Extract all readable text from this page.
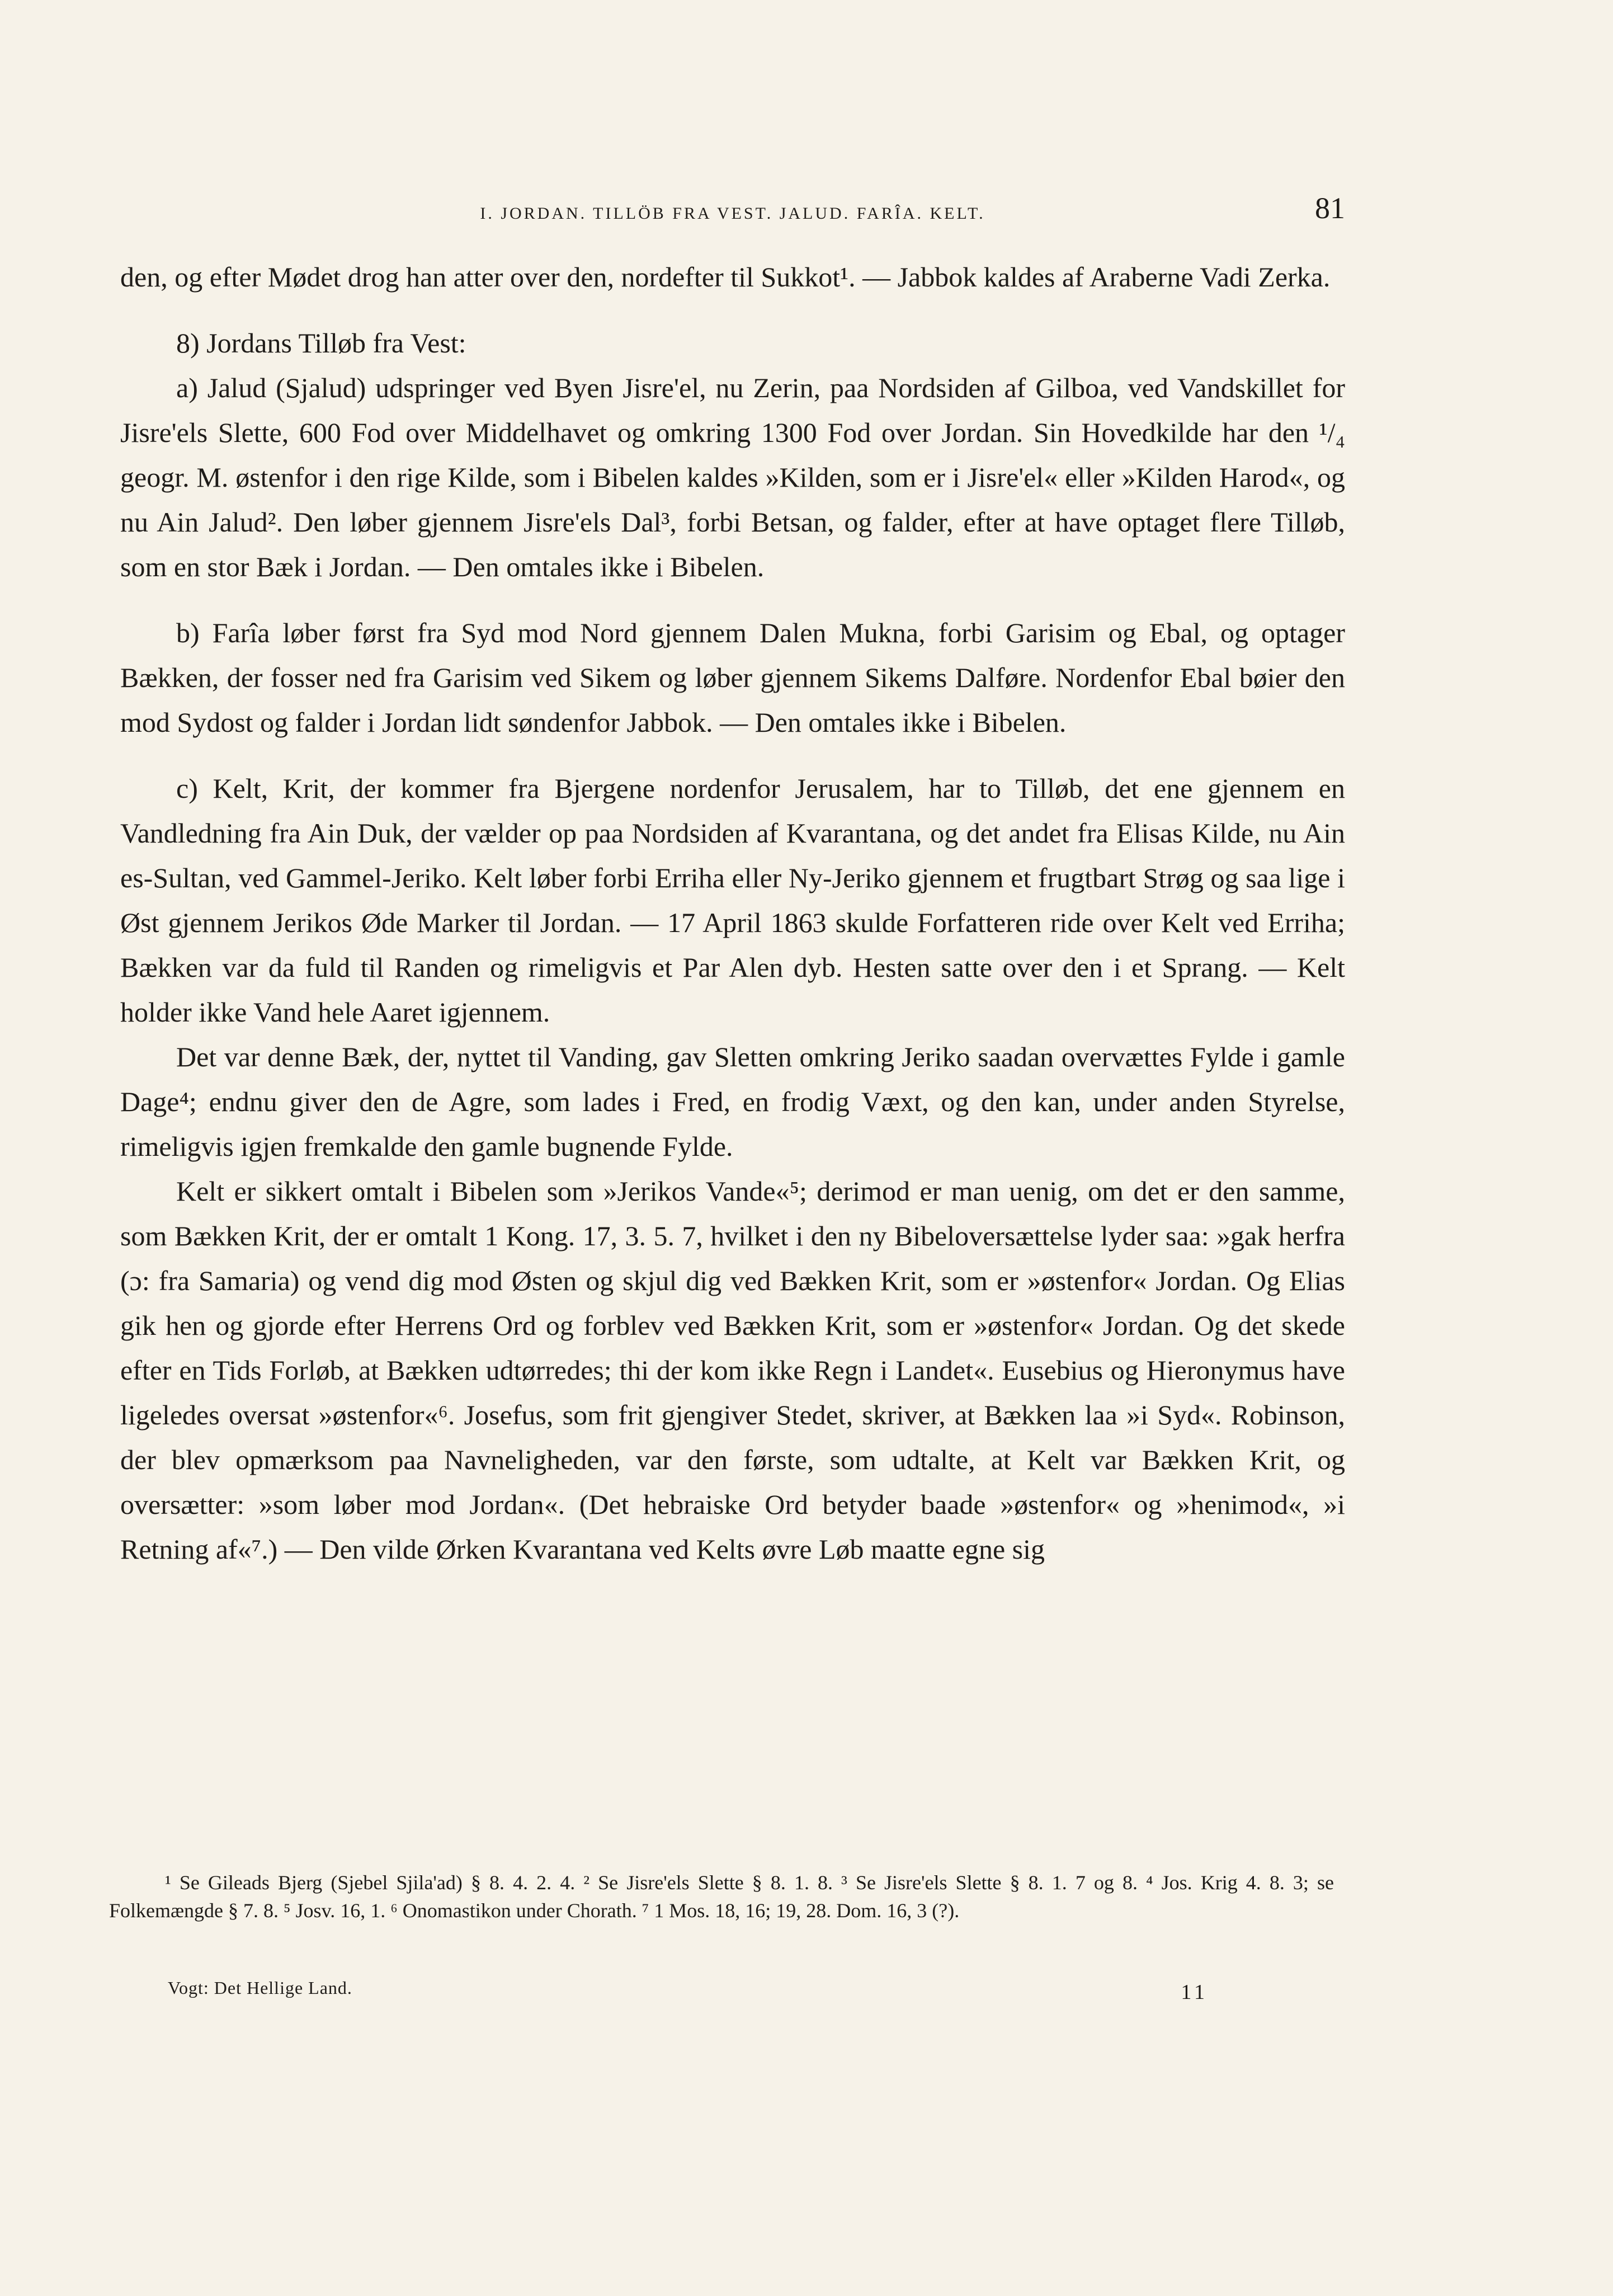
I. JORDAN. TILLÖB FRA VEST. JALUD. FARÎA. KELT.	81

den, og efter Mødet drog han atter over den, nordefter til Sukkot¹. — Jabbok kaldes af Araberne Vadi Zerka.

8) Jordans Tilløb fra Vest:

a) Jalud (Sjalud) udspringer ved Byen Jisre'el, nu Zerin, paa Nordsiden af Gilboa, ved Vandskillet for Jisre'els Slette, 600 Fod over Middelhavet og omkring 1300 Fod over Jordan. Sin Hovedkilde har den ¹/₄ geogr. M. østenfor i den rige Kilde, som i Bibelen kaldes »Kilden, som er i Jisre'el« eller »Kilden Harod«, og nu Ain Jalud². Den løber gjennem Jisre'els Dal³, forbi Betsan, og falder, efter at have optaget flere Tilløb, som en stor Bæk i Jordan. — Den omtales ikke i Bibelen.

b) Farîa løber først fra Syd mod Nord gjennem Dalen Mukna, forbi Garisim og Ebal, og optager Bækken, der fosser ned fra Garisim ved Sikem og løber gjennem Sikems Dalføre. Nordenfor Ebal bøier den mod Sydost og falder i Jordan lidt søndenfor Jabbok. — Den omtales ikke i Bibelen.

c) Kelt, Krit, der kommer fra Bjergene nordenfor Jerusalem, har to Tilløb, det ene gjennem en Vandledning fra Ain Duk, der vælder op paa Nordsiden af Kvarantana, og det andet fra Elisas Kilde, nu Ain es-Sultan, ved Gammel-Jeriko. Kelt løber forbi Erriha eller Ny-Jeriko gjennem et frugtbart Strøg og saa lige i Øst gjennem Jerikos Øde Marker til Jordan. — 17 April 1863 skulde Forfatteren ride over Kelt ved Erriha; Bækken var da fuld til Randen og rimeligvis et Par Alen dyb. Hesten satte over den i et Sprang. — Kelt holder ikke Vand hele Aaret igjennem.

Det var denne Bæk, der, nyttet til Vanding, gav Sletten omkring Jeriko saadan overvættes Fylde i gamle Dage⁴; endnu giver den de Agre, som lades i Fred, en frodig Væxt, og den kan, under anden Styrelse, rimeligvis igjen fremkalde den gamle bugnende Fylde.

Kelt er sikkert omtalt i Bibelen som »Jerikos Vande«⁵; derimod er man uenig, om det er den samme, som Bækken Krit, der er omtalt 1 Kong. 17, 3. 5. 7, hvilket i den ny Bibeloversættelse lyder saa: »gak herfra (ɔ: fra Samaria) og vend dig mod Østen og skjul dig ved Bækken Krit, som er »østenfor« Jordan. Og Elias gik hen og gjorde efter Herrens Ord og forblev ved Bækken Krit, som er »østenfor« Jordan. Og det skede efter en Tids Forløb, at Bækken udtørredes; thi der kom ikke Regn i Landet«. Eusebius og Hieronymus have ligeledes oversat »østenfor«⁶. Josefus, som frit gjengiver Stedet, skriver, at Bækken laa »i Syd«. Robinson, der blev opmærksom paa Navneligheden, var den første, som udtalte, at Kelt var Bækken Krit, og oversætter: »som løber mod Jordan«. (Det hebraiske Ord betyder baade »østenfor« og »henimod«, »i Retning af«⁷.) — Den vilde Ørken Kvarantana ved Kelts øvre Løb maatte egne sig

¹ Se Gileads Bjerg (Sjebel Sjila'ad) § 8. 4. 2. 4. ² Se Jisre'els Slette § 8. 1. 8. ³ Se Jisre'els Slette § 8. 1. 7 og 8. ⁴ Jos. Krig 4. 8. 3; se Folkemængde § 7. 8. ⁵ Josv. 16, 1. ⁶ Onomastikon under Chorath. ⁷ 1 Mos. 18, 16; 19, 28. Dom. 16, 3 (?).

Vogt: Det Hellige Land.	11
